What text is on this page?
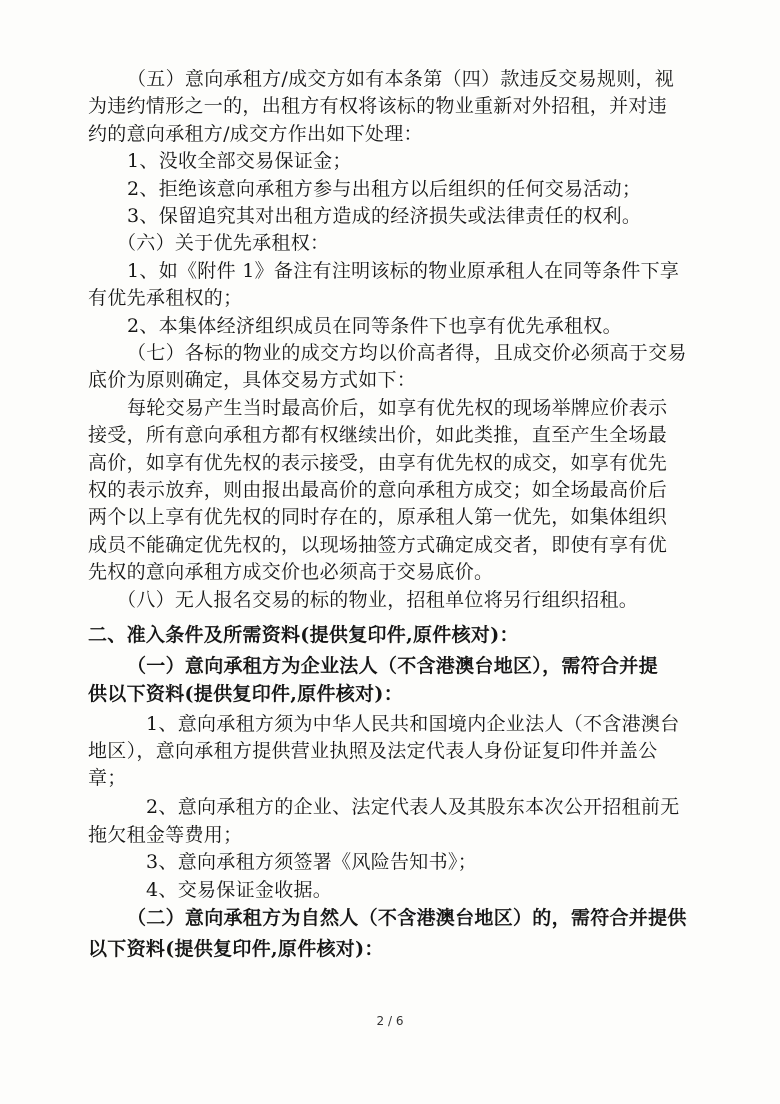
（五）意向承租方/成交方如有本条第（四）款违反交易规则，视
为违约情形之一的，出租方有权将该标的物业重新对外招租，并对违
约的意向承租方/成交方作出如下处理：
1、没收全部交易保证金；
2、拒绝该意向承租方参与出租方以后组织的任何交易活动；
3、保留追究其对出租方造成的经济损失或法律责任的权利。
（六）关于优先承租权：
1、如《附件 1》备注有注明该标的物业原承租人在同等条件下享
有优先承租权的；
2、本集体经济组织成员在同等条件下也享有优先承租权。
（七）各标的物业的成交方均以价高者得，且成交价必须高于交易
底价为原则确定，具体交易方式如下：
每轮交易产生当时最高价后，如享有优先权的现场举牌应价表示
接受，所有意向承租方都有权继续出价，如此类推，直至产生全场最
高价，如享有优先权的表示接受，由享有优先权的成交，如享有优先
权的表示放弃，则由报出最高价的意向承租方成交；如全场最高价后
两个以上享有优先权的同时存在的，原承租人第一优先，如集体组织
成员不能确定优先权的，以现场抽签方式确定成交者，即使有享有优
先权的意向承租方成交价也必须高于交易底价。
（八）无人报名交易的标的物业，招租单位将另行组织招租。
二、准入条件及所需资料(提供复印件,原件核对)：
（一）意向承租方为企业法人（不含港澳台地区），需符合并提
供以下资料(提供复印件,原件核对)：
1、意向承租方须为中华人民共和国境内企业法人（不含港澳台
地区），意向承租方提供营业执照及法定代表人身份证复印件并盖公
章；
2、意向承租方的企业、法定代表人及其股东本次公开招租前无
拖欠租金等费用；
3、意向承租方须签署《风险告知书》；
4、交易保证金收据。
（二）意向承租方为自然人（不含港澳台地区）的，需符合并提供
以下资料(提供复印件,原件核对)：
2 / 6
